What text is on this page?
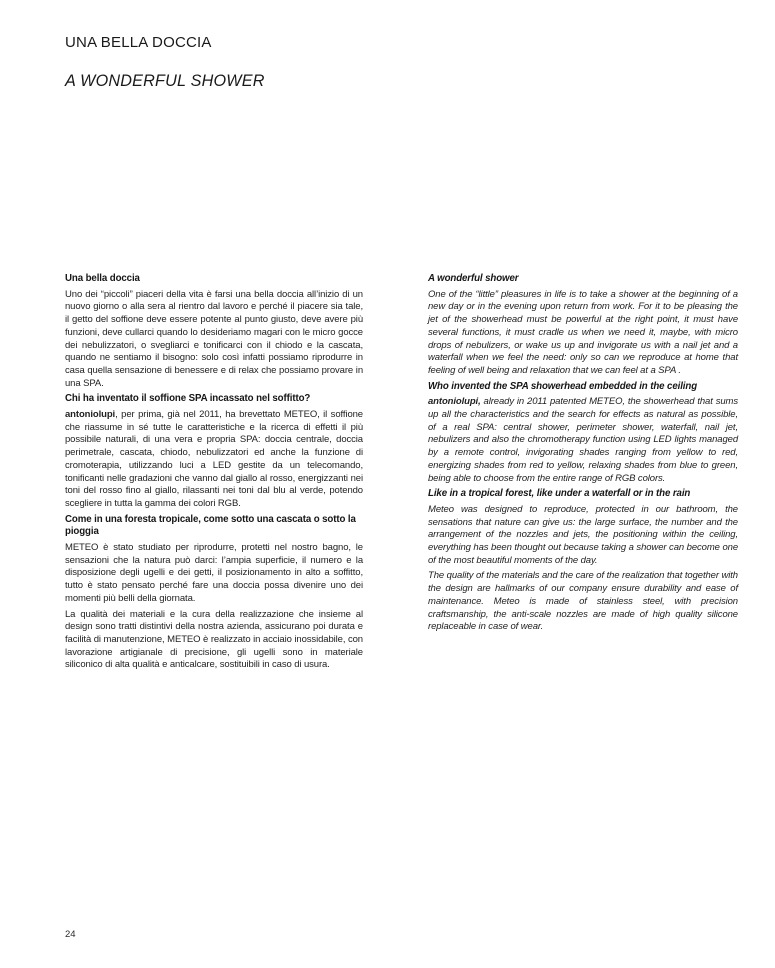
UNA BELLA DOCCIA
A WONDERFUL SHOWER
Una bella doccia

Uno dei “piccoli” piaceri della vita è farsi una bella doccia all’inizio di un nuovo giorno o alla sera al rientro dal lavoro e perché il piacere sia tale, il getto del soffione deve essere potente al punto giusto, deve avere più funzioni, deve cullarci quando lo desideriamo magari con le micro gocce dei nebulizzatori, o svegliarci e tonificarci con il chiodo e la cascata, quando ne sentiamo il bisogno: solo così infatti possiamo riprodurre in casa quella sensazione di benessere e di relax che possiamo provare in una SPA.

Chi ha inventato il soffione SPA incassato nel soffitto?

antoniolupi, per prima, già nel 2011, ha brevettato METEO, il soffione che riassume in sé tutte le caratteristiche e la ricerca di effetti il più possibile naturali, di una vera e propria SPA: doccia centrale, doccia perimetrale, cascata, chiodo, nebulizzatori ed anche la funzione di cromoterapia, utilizzando luci a LED gestite da un telecomando, tonificanti nelle gradazioni che vanno dal giallo al rosso, energizzanti nei toni del rosso fino al giallo, rilassanti nei toni dal blu al verde, potendo scegliere in tutta la gamma dei colori RGB.

Come in una foresta tropicale, come sotto una cascata o sotto la pioggia

METEO è stato studiato per riprodurre, protetti nel nostro bagno, le sensazioni che la natura può darci: l’ampia superficie, il numero e la disposizione degli ugelli e dei getti, il posizionamento in alto a soffitto, tutto è stato pensato perché fare una doccia possa divenire uno dei momenti più belli della giornata.

La qualità dei materiali e la cura della realizzazione che insieme al design sono tratti distintivi della nostra azienda, assicurano poi durata e facilità di manutenzione, METEO è realizzato in acciaio inossidabile, con lavorazione artigianale di precisione, gli ugelli sono in materiale siliconico di alta qualità e anticalcare, sostituibili in caso di usura.

A wonderful shower

One of the “little” pleasures in life is to take a shower at the beginning of a new day or in the evening upon return from work. For it to be pleasing the jet of the showerhead must be powerful at the right point, it must have several functions, it must cradle us when we need it, maybe, with micro drops of nebulizers, or wake us up and invigorate us with a nail jet and a waterfall when we feel the need: only so can we reproduce at home that feeling of well being and relaxation that we can feel at a SPA .

Who invented the SPA showerhead embedded in the ceiling

antoniolupi, already in 2011 patented METEO, the showerhead that sums up all the characteristics and the search for effects as natural as possible, of a real SPA: central shower, perimeter shower, waterfall, nail jet, nebulizers and also the chromotherapy function using LED lights managed by a remote control, invigorating shades ranging from yellow to red, energizing shades from red to yellow, relaxing shades from blue to green, being able to choose from the entire range of RGB colors.

Like in a tropical forest, like under a waterfall or in the rain

Meteo was designed to reproduce, protected in our bathroom, the sensations that nature can give us: the large surface, the number and the arrangement of the nozzles and jets, the positioning within the ceiling, everything has been thought out because taking a shower can become one of the most beautiful moments of the day.

The quality of the materials and the care of the realization that together with the design are hallmarks of our company ensure durability and ease of maintenance. Meteo is made of stainless steel, with precision craftsmanship, the anti-scale nozzles are made of high quality silicone replaceable in case of wear.

24
